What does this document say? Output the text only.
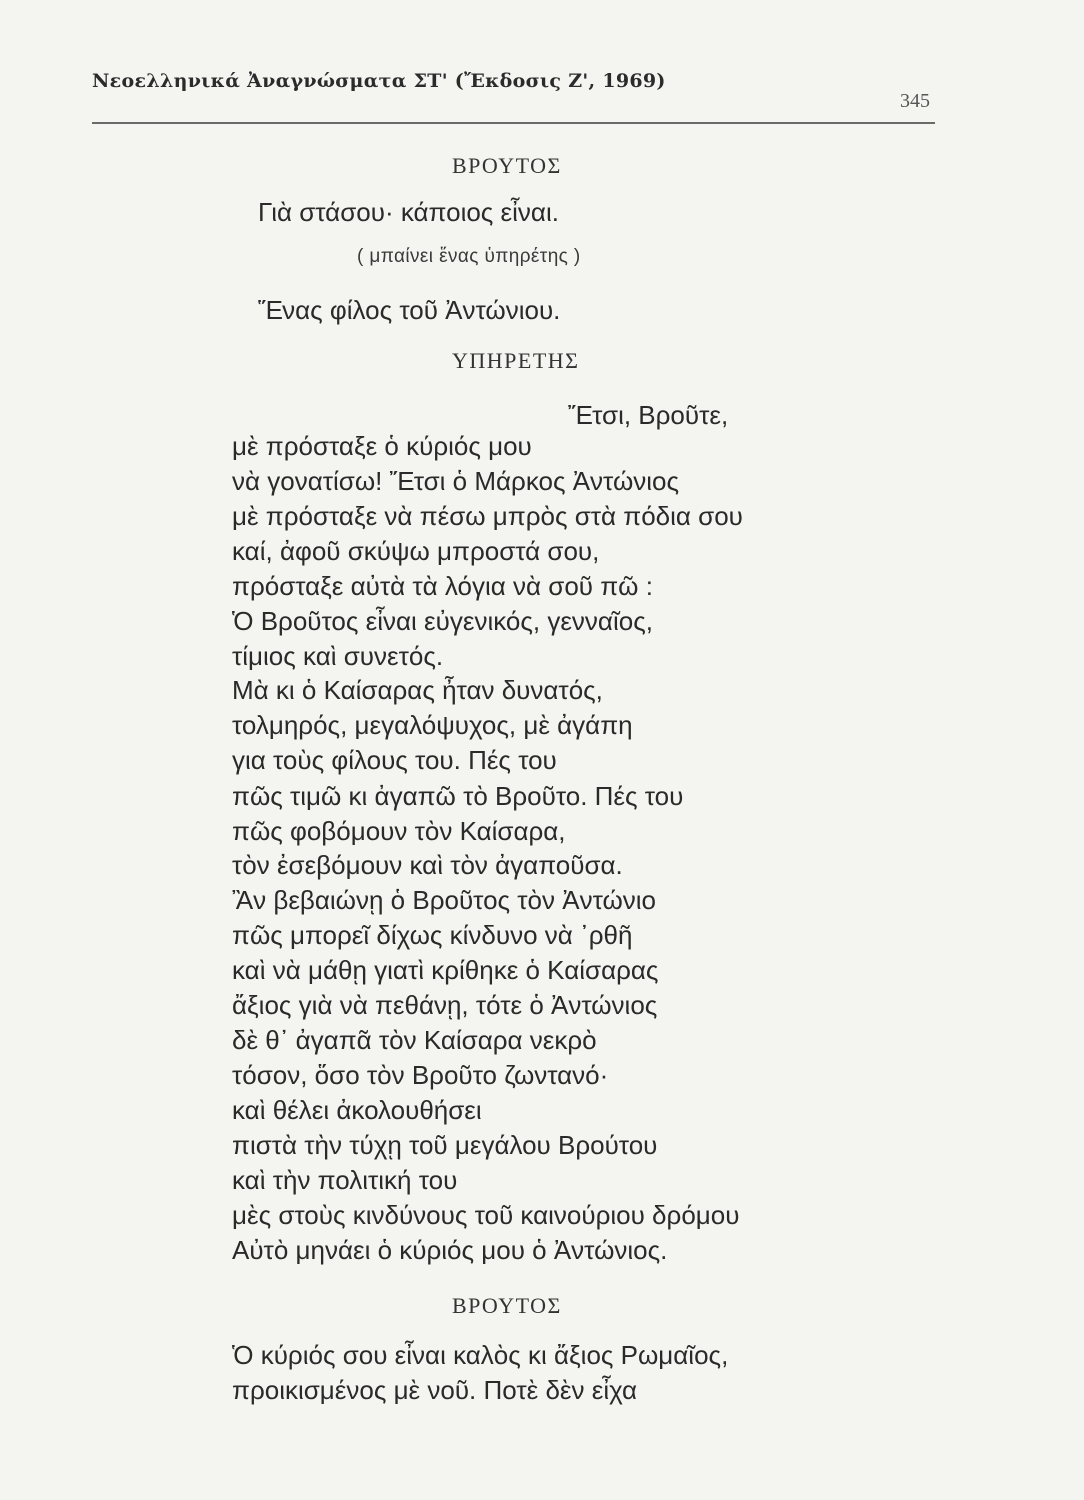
Νεοελληνικά Ἀναγνώσματα ΣΤ' (Ἔκδοσις Ζ', 1969)
345
ΒΡΟΥΤΟΣ
Γιὰ στάσου· κάποιος εἶναι.
( μπαίνει ἕνας ὑπηρέτης )
Ἕνας φίλος τοῦ Ἀντώνιου.
ΥΠΗΡΕΤΗΣ
Ἔτσι, Βροῦτε,
μὲ πρόσταξε ὁ κύριός μου
νὰ γονατίσω! Ἔτσι ὁ Μάρκος Ἀντώνιος
μὲ πρόσταξε νὰ πέσω μπρὸς στὰ πόδια σου
καί, ἀφοῦ σκύψω μπροστά σου,
πρόσταξε αὐτὰ τὰ λόγια νὰ σοῦ πῶ :
Ὁ Βροῦτος εἶναι εὐγενικός, γενναῖος,
τίμιος καὶ συνετός.
Μὰ κι ὁ Καίσαρας ἦταν δυνατός,
τολμηρός, μεγαλόψυχος, μὲ ἀγάπη
για τοὺς φίλους του. Πές του
πῶς τιμῶ κι ἀγαπῶ τὸ Βροῦτο. Πές του
πῶς φοβόμουν τὸν Καίσαρα,
τὸν ἐσεβόμουν καὶ τὸν ἀγαποῦσα.
Ἂν βεβαιώνῃ ὁ Βροῦτος τὸν Ἀντώνιο
πῶς μπορεῖ δίχως κίνδυνο νὰ ᾽ρθῆ
καὶ νὰ μάθῃ γιατὶ κρίθηκε ὁ Καίσαρας
ἄξιος γιὰ νὰ πεθάνῃ, τότε ὁ Ἀντώνιος
δὲ θ᾽ ἀγαπᾶ τὸν Καίσαρα νεκρὸ
τόσον, ὅσο τὸν Βροῦτο ζωντανό·
καὶ θέλει ἀκολουθήσει
πιστὰ τὴν τύχῃ τοῦ μεγάλου Βρούτου
καὶ τὴν πολιτική του
μὲς στοὺς κινδύνους τοῦ καινούριου δρόμου
Αὐτὸ μηνάει ὁ κύριός μου ὁ Ἀντώνιος.
ΒΡΟΥΤΟΣ
Ὁ κύριός σου εἶναι καλὸς κι ἄξιος Ρωμαῖος,
προικισμένος μὲ νοῦ. Ποτὲ δὲν εἶχα
